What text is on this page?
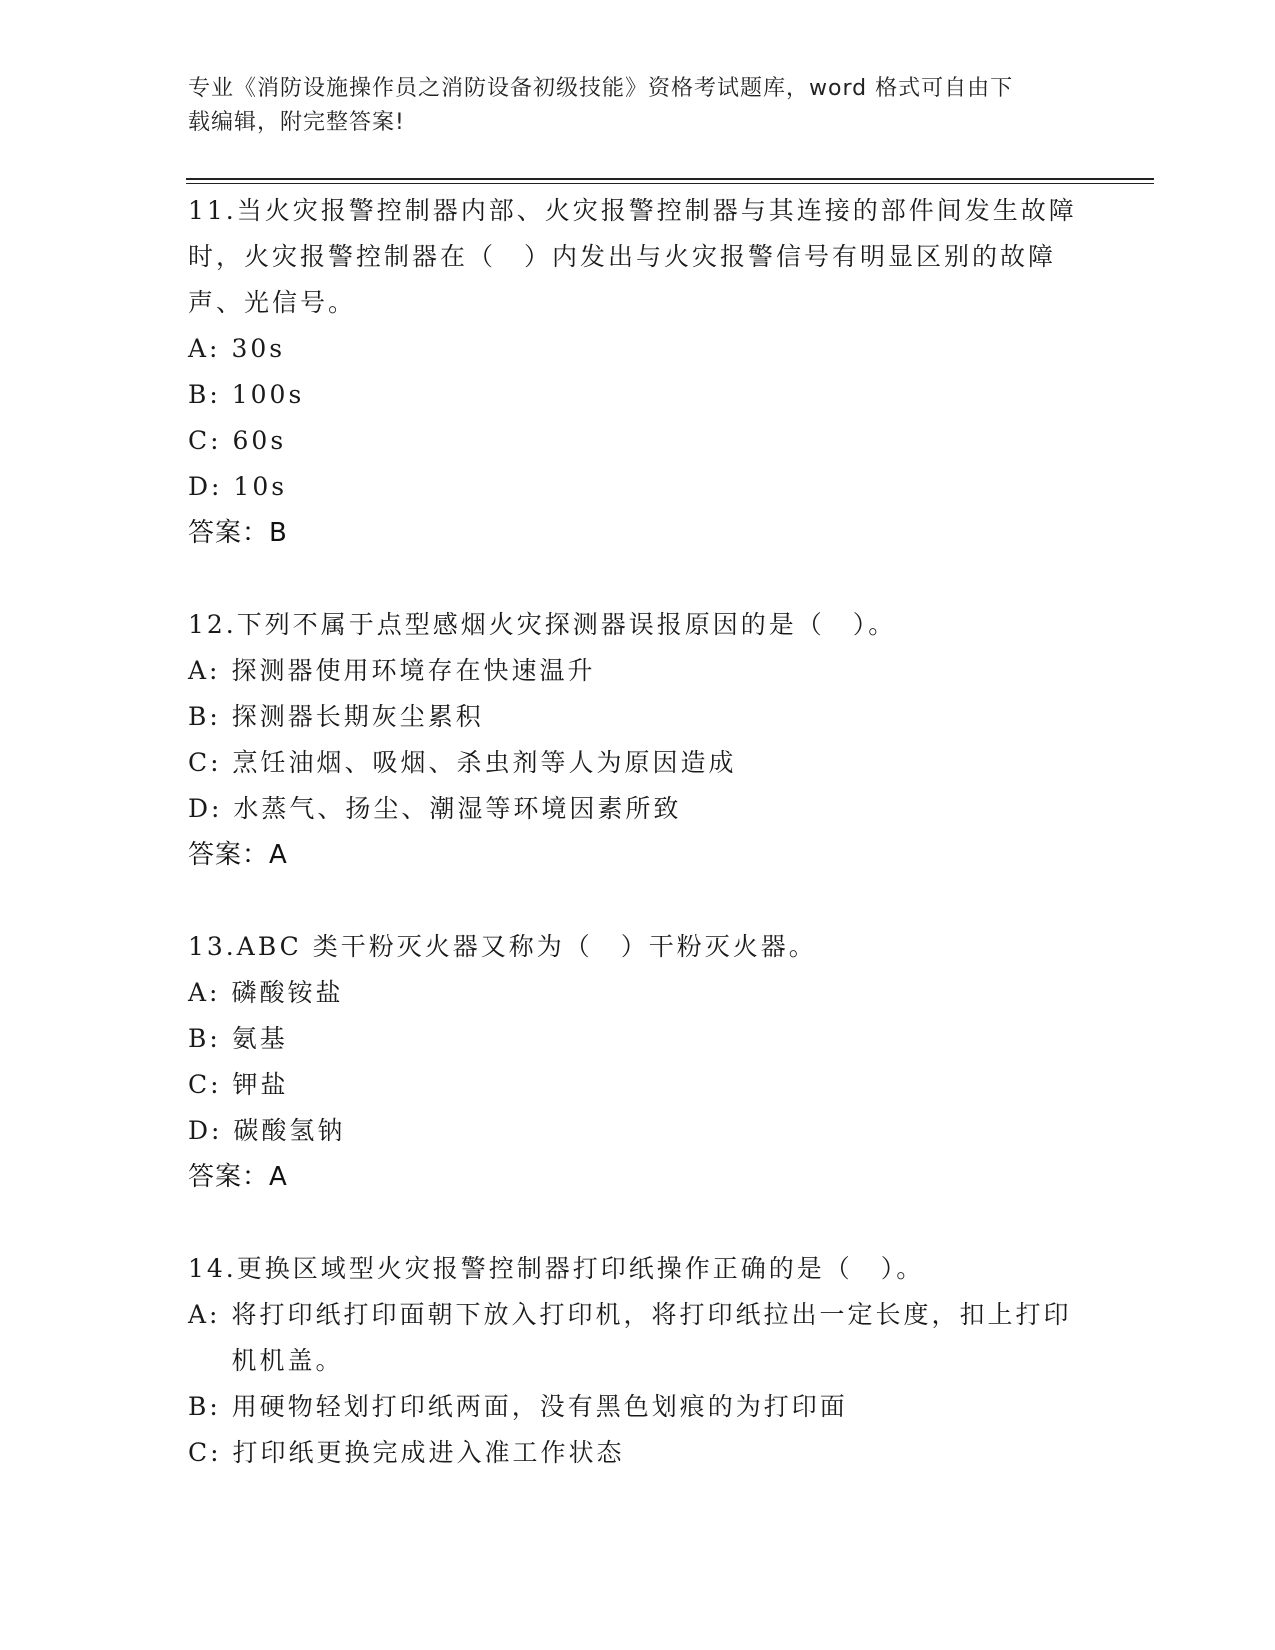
专业《消防设施操作员之消防设备初级技能》资格考试题库，word 格式可自由下
载编辑，附完整答案!
11.当火灾报警控制器内部、火灾报警控制器与其连接的部件间发生故障时，火灾报警控制器在（　）内发出与火灾报警信号有明显区别的故障声、光信号。
A:
30s
B:
100s
C:
60s
D:
10s
答案：B
12.下列不属于点型感烟火灾探测器误报原因的是（　）。
A:
探测器使用环境存在快速温升
B:
探测器长期灰尘累积
C:
烹饪油烟、吸烟、杀虫剂等人为原因造成
D:
水蒸气、扬尘、潮湿等环境因素所致
答案：A
13.ABC 类干粉灭火器又称为（　）干粉灭火器。
A:
磷酸铵盐
B:
氨基
C:
钾盐
D:
碳酸氢钠
答案：A
14.更换区域型火灾报警控制器打印纸操作正确的是（　）。
A:
将打印纸打印面朝下放入打印机，将打印纸拉出一定长度，扣上打印机机盖。
B:
用硬物轻划打印纸两面，没有黑色划痕的为打印面
C:
打印纸更换完成进入准工作状态
